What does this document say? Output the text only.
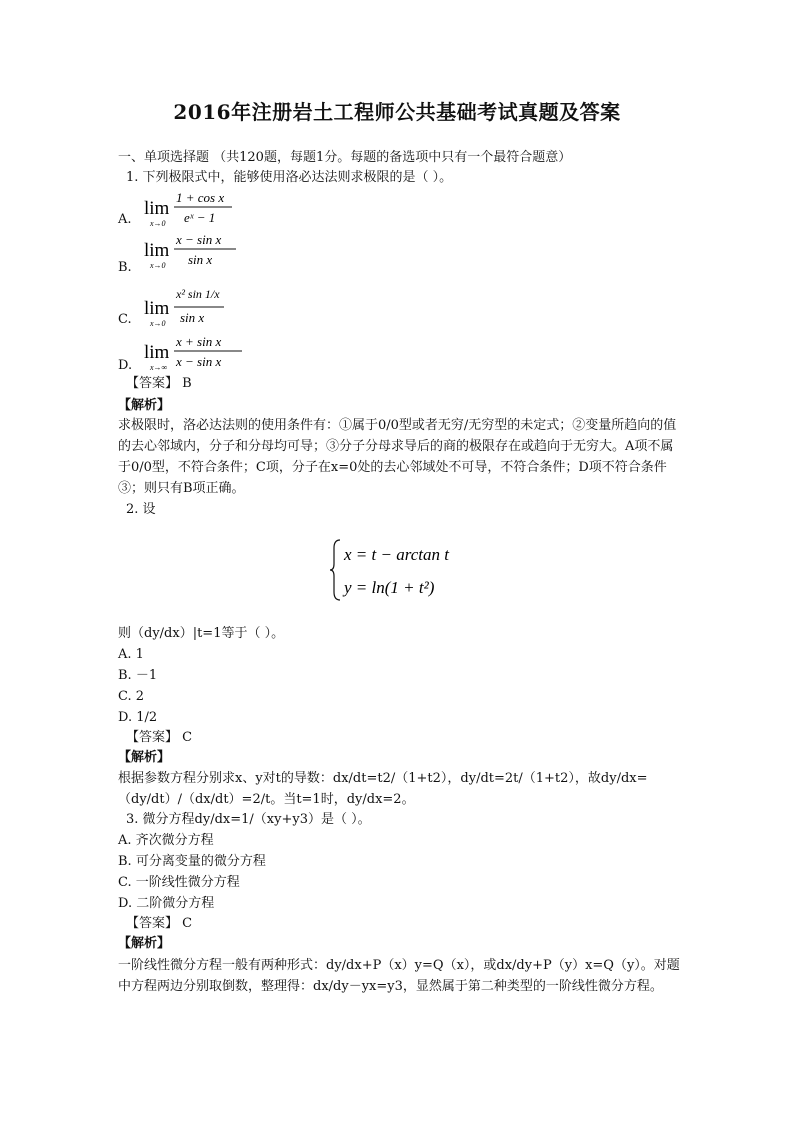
2016年注册岩土工程师公共基础考试真题及答案
一、单项选择题 （共120题，每题1分。每题的备选项中只有一个最符合题意）
1. 下列极限式中，能够使用洛必达法则求极限的是（ ）。
A.
lim
x→0
1 + cos x
eˣ − 1
B.
lim
x→0
x − sin x
sin x
C.
lim
x→0
x² sin 1/x
sin x
D.
lim
x→∞
x + sin x
x − sin x
【答案】 B
【解析】
求极限时，洛必达法则的使用条件有：①属于0/0型或者无穷/无穷型的未定式；②变量所趋向的值的去心邻域内，分子和分母均可导；③分子分母求导后的商的极限存在或趋向于无穷大。A项不属于0/0型，不符合条件；C项，分子在x=0处的去心邻域处不可导，不符合条件；D项不符合条件③；则只有B项正确。
2. 设
x = t − arctan t
y = ln(1 + t²)
则（dy/dx）|t=1等于（ ）。
A. 1
B. －1
C. 2
D. 1/2
【答案】 C
【解析】
根据参数方程分别求x、y对t的导数：dx/dt=t2/（1+t2），dy/dt=2t/（1+t2），故dy/dx=（dy/dt）/（dx/dt）=2/t。当t=1时，dy/dx=2。
3. 微分方程dy/dx=1/（xy+y3）是（ ）。
A. 齐次微分方程
B. 可分离变量的微分方程
C. 一阶线性微分方程
D. 二阶微分方程
【答案】 C
【解析】
一阶线性微分方程一般有两种形式：dy/dx+P（x）y=Q（x），或dx/dy+P（y）x=Q（y）。对题中方程两边分别取倒数，整理得：dx/dy－yx=y3，显然属于第二种类型的一阶线性微分方程。
